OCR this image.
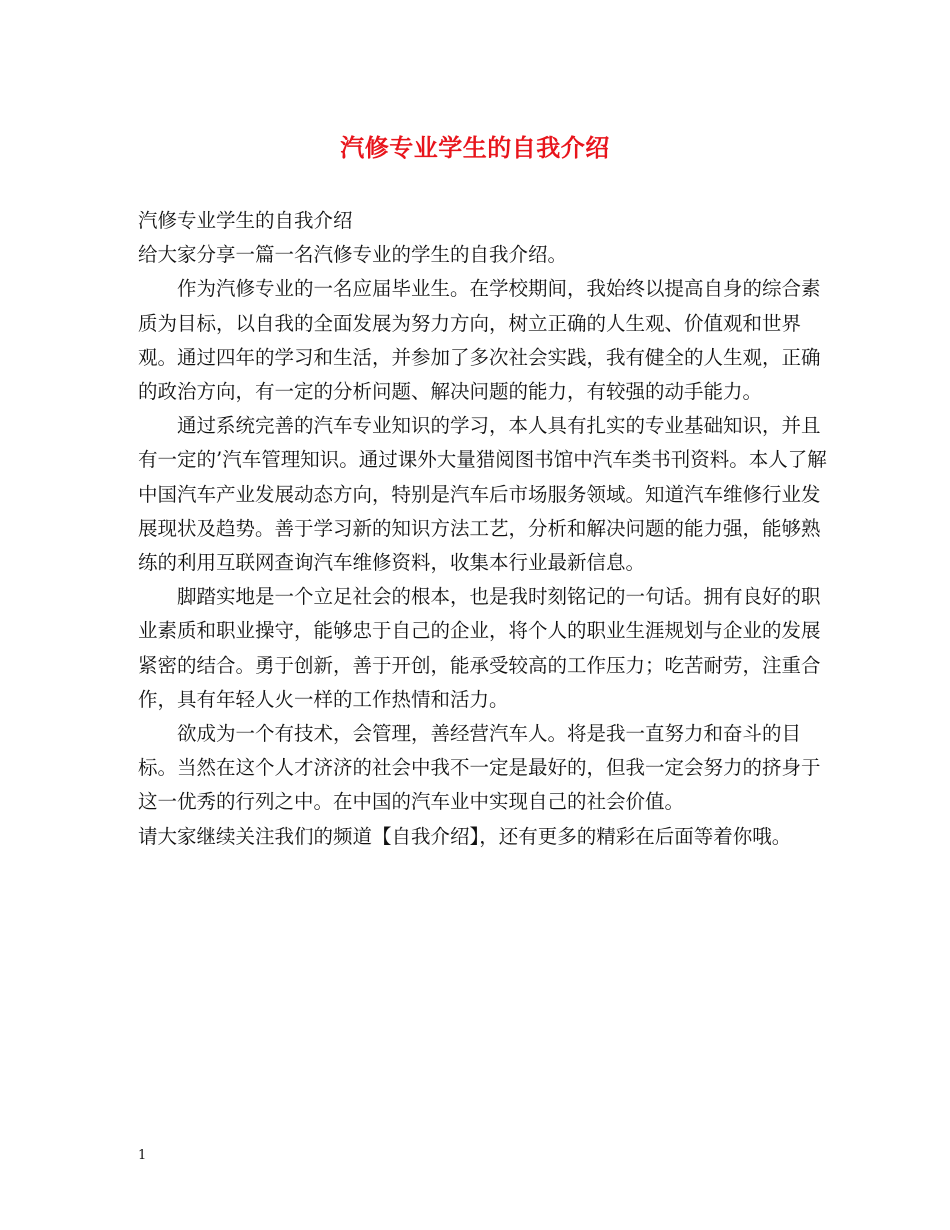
汽修专业学生的自我介绍

汽修专业学生的自我介绍

给大家分享一篇一名汽修专业的学生的自我介绍。

作为汽修专业的一名应届毕业生。在学校期间，我始终以提高自身的综合素质为目标，以自我的全面发展为努力方向，树立正确的人生观、价值观和世界观。通过四年的学习和生活，并参加了多次社会实践，我有健全的人生观，正确的政治方向，有一定的分析问题、解决问题的能力，有较强的动手能力。

通过系统完善的汽车专业知识的学习，本人具有扎实的专业基础知识，并且有一定的’汽车管理知识。通过课外大量猎阅图书馆中汽车类书刊资料。本人了解中国汽车产业发展动态方向，特别是汽车后市场服务领域。知道汽车维修行业发展现状及趋势。善于学习新的知识方法工艺，分析和解决问题的能力强，能够熟练的利用互联网查询汽车维修资料，收集本行业最新信息。

脚踏实地是一个立足社会的根本，也是我时刻铭记的一句话。拥有良好的职业素质和职业操守，能够忠于自己的企业，将个人的职业生涯规划与企业的发展紧密的结合。勇于创新，善于开创，能承受较高的工作压力；吃苦耐劳，注重合作，具有年轻人火一样的工作热情和活力。

欲成为一个有技术，会管理，善经营汽车人。将是我一直努力和奋斗的目标。当然在这个人才济济的社会中我不一定是最好的，但我一定会努力的挤身于这一优秀的行列之中。在中国的汽车业中实现自己的社会价值。

请大家继续关注我们的频道【自我介绍】，还有更多的精彩在后面等着你哦。

1
